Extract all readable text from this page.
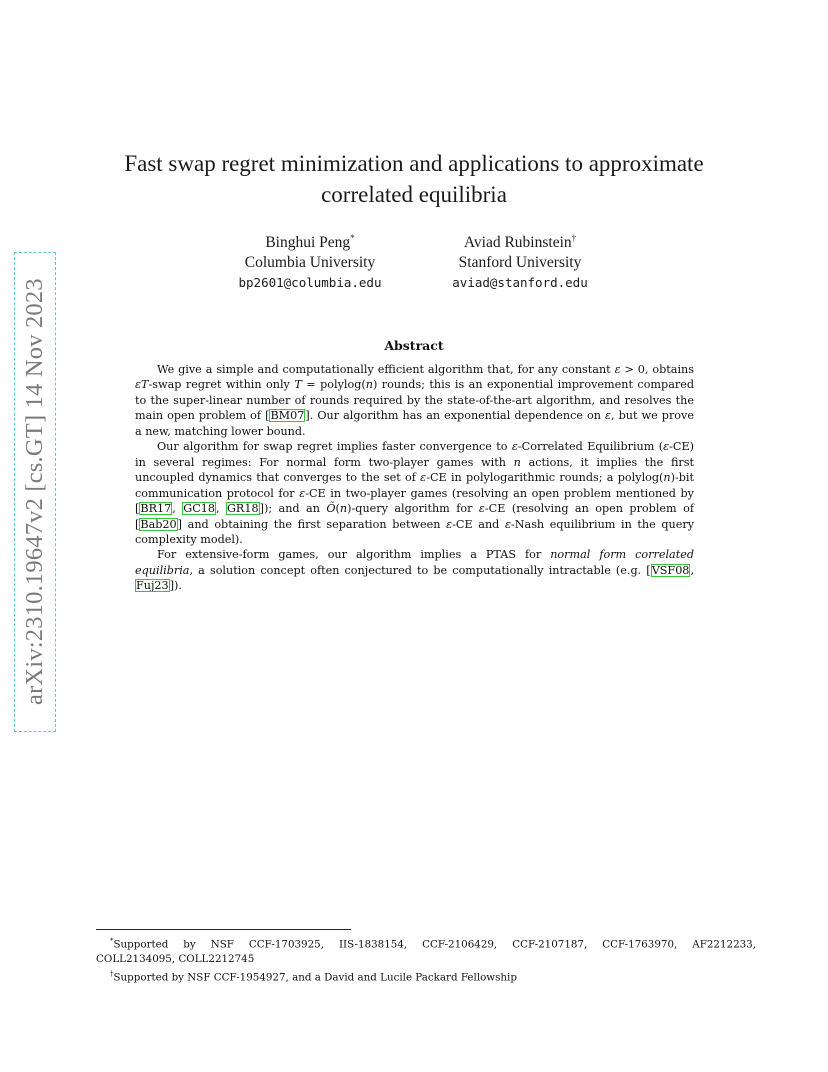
arXiv:2310.19647v2 [cs.GT] 14 Nov 2023
Fast swap regret minimization and applications to approximate correlated equilibria
Binghui Peng*
Columbia University
bp2601@columbia.edu
Aviad Rubinstein†
Stanford University
aviad@stanford.edu
Abstract

We give a simple and computationally efficient algorithm that, for any constant ε > 0, obtains εT-swap regret within only T = polylog(n) rounds; this is an exponential improvement compared to the super-linear number of rounds required by the state-of-the-art algorithm, and resolves the main open problem of [BM07]. Our algorithm has an exponential dependence on ε, but we prove a new, matching lower bound.

Our algorithm for swap regret implies faster convergence to ε-Correlated Equilibrium (ε-CE) in several regimes: For normal form two-player games with n actions, it implies the first uncoupled dynamics that converges to the set of ε-CE in polylogarithmic rounds; a polylog(n)-bit communication protocol for ε-CE in two-player games (resolving an open problem mentioned by [BR17, GC18, GR18]); and an Õ(n)-query algorithm for ε-CE (resolving an open problem of [Bab20] and obtaining the first separation between ε-CE and ε-Nash equilibrium in the query complexity model).

For extensive-form games, our algorithm implies a PTAS for normal form correlated equilibria, a solution concept often conjectured to be computationally intractable (e.g. [VSF08, Fuj23]).

*Supported by NSF CCF-1703925, IIS-1838154, CCF-2106429, CCF-2107187, CCF-1763970, AF2212233,

COLL2134095, COLL2212745

†Supported by NSF CCF-1954927, and a David and Lucile Packard Fellowship
